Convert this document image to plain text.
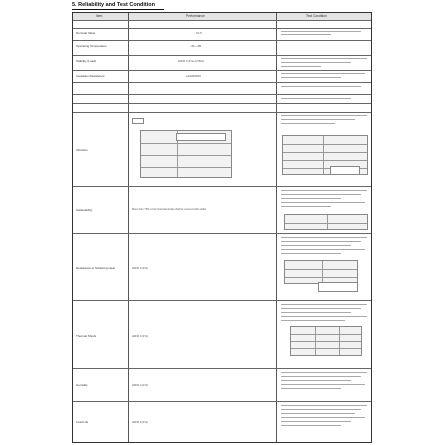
5. Reliability and Test Condition
Item	Performance	Test Condition
Nominal Value
Operating Temperature
Stability (Load)
Insulation Resistance
Vibration
Solderability
Resistance to Soldering Heat
Thermal Shock
Humidity
Load Life
±0.5
-40~+85
ΔR/R ±(1%+0.05Ω)
≥10000MΩ
More than 75% of terminal electrode shall be covered with solder
ΔR/R ±(1%)
ΔR/R ±(1%)
ΔR/R ±(1%)
ΔR/R ±(1%)
